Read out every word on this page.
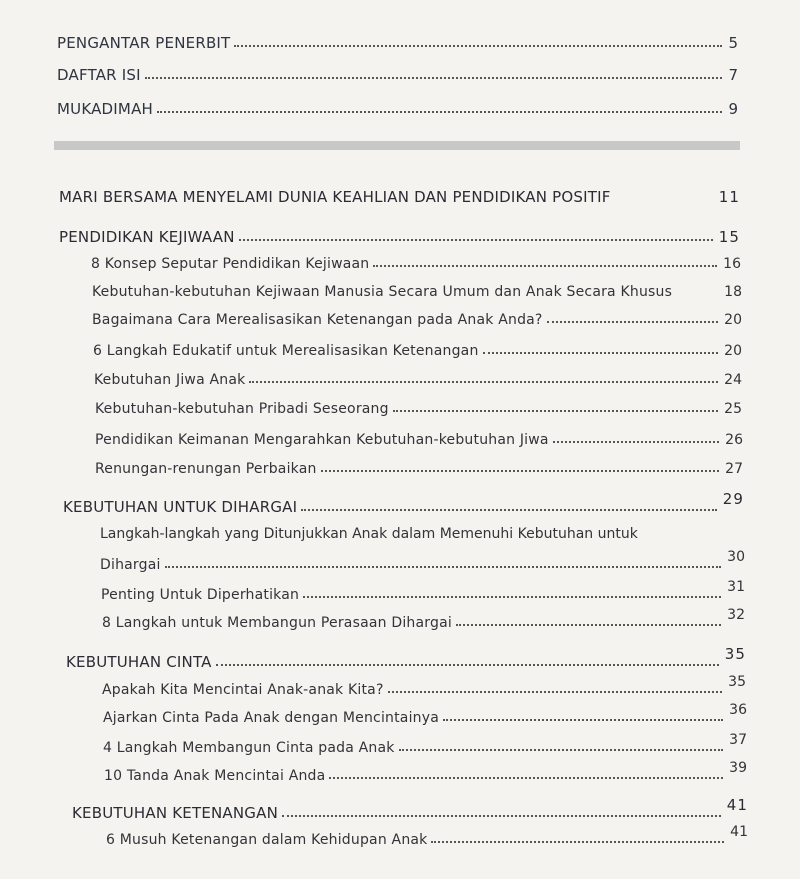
PENGANTAR PENERBIT	5
DAFTAR ISI	7
MUKADIMAH	9
MARI BERSAMA MENYELAMI DUNIA KEAHLIAN DAN PENDIDIKAN POSITIF	11
PENDIDIKAN KEJIWAAN	15
8 Konsep Seputar Pendidikan Kejiwaan	16
Kebutuhan-kebutuhan Kejiwaan Manusia Secara Umum dan Anak Secara Khusus	18
Bagaimana Cara Merealisasikan Ketenangan pada Anak Anda?	20
6 Langkah Edukatif untuk Merealisasikan Ketenangan	20
Kebutuhan Jiwa Anak	24
Kebutuhan-kebutuhan Pribadi Seseorang	25
Pendidikan Keimanan Mengarahkan Kebutuhan-kebutuhan Jiwa	26
Renungan-renungan Perbaikan	27
KEBUTUHAN UNTUK DIHARGAI	29
Langkah-langkah yang Ditunjukkan Anak dalam Memenuhi Kebutuhan untuk
Dihargai	30
Penting Untuk Diperhatikan	31
8 Langkah untuk Membangun Perasaan Dihargai	32
KEBUTUHAN CINTA	35
Apakah Kita Mencintai Anak-anak Kita?	35
Ajarkan Cinta Pada Anak dengan Mencintainya	36
4 Langkah Membangun Cinta pada Anak	37
10 Tanda Anak Mencintai Anda	39
KEBUTUHAN KETENANGAN	41
6 Musuh Ketenangan dalam Kehidupan Anak	41
